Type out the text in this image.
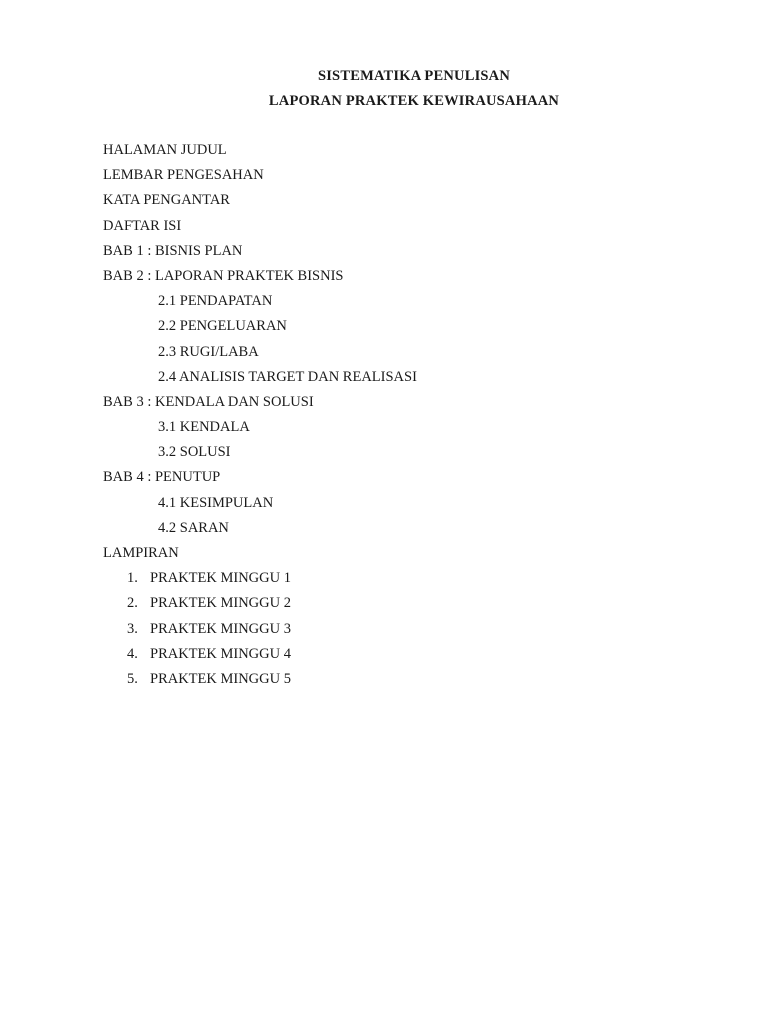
SISTEMATIKA PENULISAN
LAPORAN PRAKTEK KEWIRAUSAHAAN
HALAMAN JUDUL
LEMBAR PENGESAHAN
KATA PENGANTAR
DAFTAR ISI
BAB 1 : BISNIS PLAN
BAB 2 : LAPORAN PRAKTEK BISNIS
2.1 PENDAPATAN
2.2 PENGELUARAN
2.3 RUGI/LABA
2.4 ANALISIS TARGET DAN REALISASI
BAB 3 : KENDALA DAN SOLUSI
3.1 KENDALA
3.2 SOLUSI
BAB 4 : PENUTUP
4.1 KESIMPULAN
4.2 SARAN
LAMPIRAN
1. PRAKTEK MINGGU 1
2. PRAKTEK MINGGU 2
3. PRAKTEK MINGGU 3
4. PRAKTEK MINGGU 4
5. PRAKTEK MINGGU 5
